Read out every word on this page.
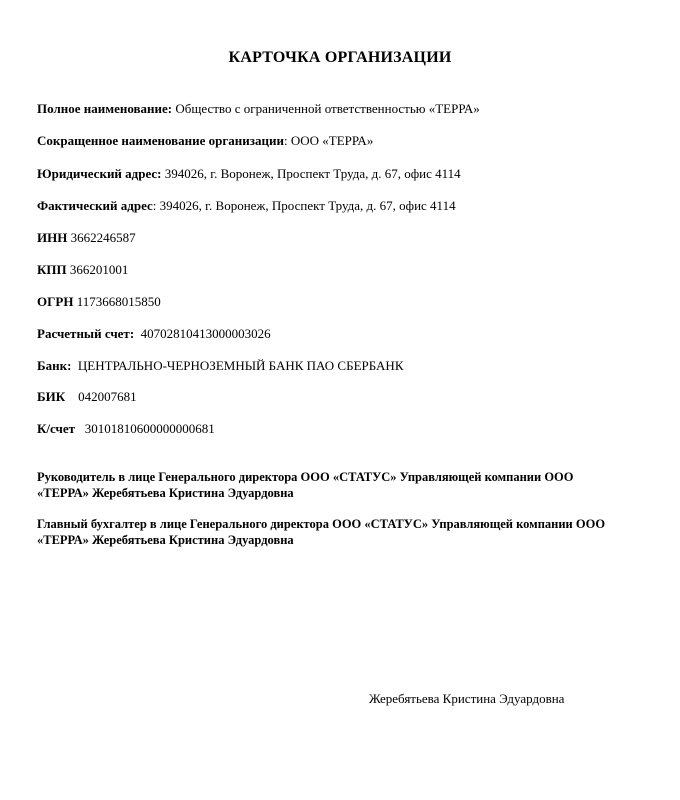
КАРТОЧКА ОРГАНИЗАЦИИ
Полное наименование: Общество с ограниченной ответственностью «ТЕРРА»
Сокращенное наименование организации: ООО «ТЕРРА»
Юридический адрес: 394026, г. Воронеж, Проспект Труда, д. 67, офис 4114
Фактический адрес: 394026, г. Воронеж, Проспект Труда, д. 67, офис 4114
ИНН 3662246587
КПП 366201001
ОГРН 1173668015850
Расчетный счет: 40702810413000003026
Банк: ЦЕНТРАЛЬНО-ЧЕРНОЗЕМНЫЙ БАНК ПАО СБЕРБАНК
БИК 042007681
К/счет 30101810600000000681
Руководитель в лице Генерального директора ООО «СТАТУС» Управляющей компании ООО
«ТЕРРА» Жеребятьева Кристина Эдуардовна
Главный бухгалтер в лице Генерального директора ООО «СТАТУС» Управляющей компании ООО
«ТЕРРА» Жеребятьева Кристина Эдуардовна
Жеребятьева Кристина Эдуардовна
